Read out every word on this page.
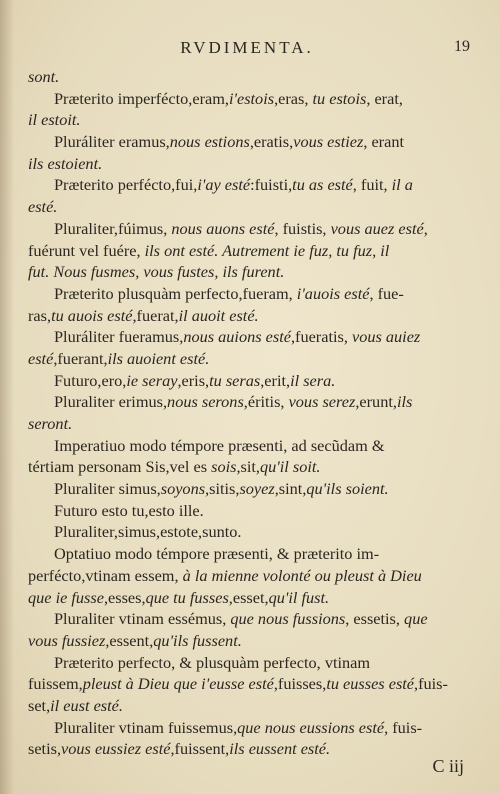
RVDIMENTA.	19
sont.
Præterito imperfécto,eram,i'estois,eras, tu estois, erat,
il estoit.
Pluráliter eramus,nous estions,eratis,vous estiez, erant
ils estoient.
Præterito perfécto,fui,i'ay esté:fuisti,tu as esté, fuit, il a
esté.
Pluraliter,fúimus, nous auons esté, fuistis, vous auez esté,
fuérunt vel fuére, ils ont esté. Autrement ie fuz, tu fuz, il
fut. Nous fusmes, vous fustes, ils furent.
Præterito plusquàm perfecto,fueram, i'auois esté, fue-
ras,tu auois esté,fuerat,il auoit esté.
Pluráliter fueramus,nous auions esté,fueratis, vous auiez
esté,fuerant,ils auoient esté.
Futuro,ero,ie seray,eris,tu seras,erit,il sera.
Pluraliter erimus,nous serons,éritis, vous serez,erunt,ils
seront.
Imperatiuo modo témpore præsenti, ad secũdam &
tértiam personam Sis,vel es sois,sit,qu'il soit.
Pluraliter simus,soyons,sitis,soyez,sint,qu'ils soient.
Futuro esto tu,esto ille.
Pluraliter,simus,estote,sunto.
Optatiuo modo témpore præsenti, & præterito im-
perfécto,vtinam essem, à la mienne volonté ou pleust à Dieu
que ie fusse,esses,que tu fusses,esset,qu'il fust.
Pluraliter vtinam essémus, que nous fussions, essetis, que
vous fussiez,essent,qu'ils fussent.
Præterito perfecto, & plusquàm perfecto, vtinam
fuissem,pleust à Dieu que i'eusse esté,fuisses,tu eusses esté,fuis-
set,il eust esté.
Pluraliter vtinam fuissemus,que nous eussions esté, fuis-
setis,vous eussiez esté,fuissent,ils eussent esté.
C iij
